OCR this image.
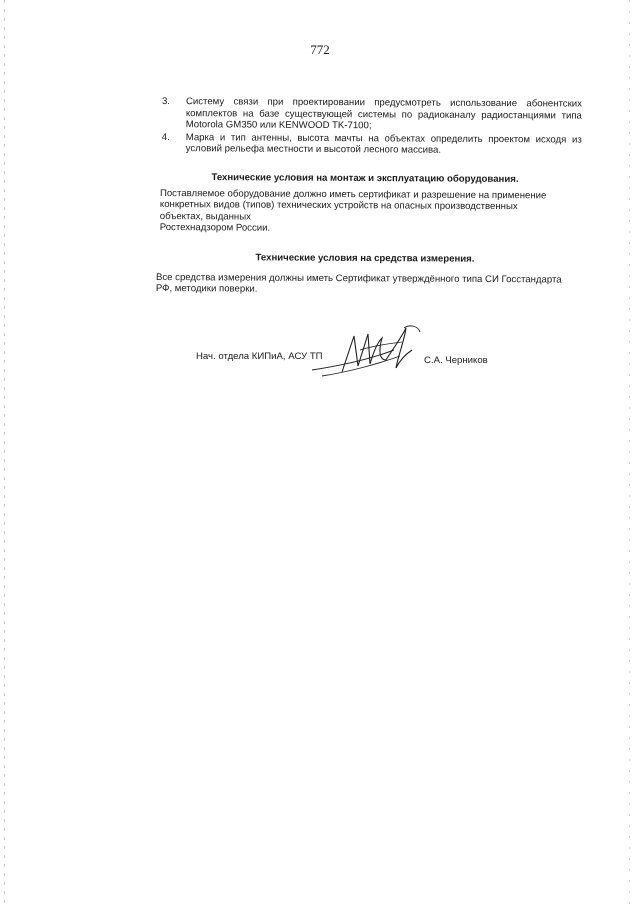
772
3.	Систему связи при проектировании предусмотреть использование абонентских комплектов на базе существующей системы по радиоканалу радиостанциями типа Motorola GM350 или KENWOOD TK-7100;
4.	Марка и тип антенны, высота мачты на объектах определить проектом исходя из условий рельефа местности и высотой лесного массива.
Технические условия на монтаж и эксплуатацию оборудования.
Поставляемое оборудование должно иметь сертификат и разрешение на применение
конкретных видов (типов) технических устройств на опасных производственных
объектах, выданных
Ростехнадзором России.
Технические условия на средства измерения.
Все средства измерения должны иметь Сертификат утверждённого типа СИ Госстандарта
РФ, методики поверки.
Нач. отдела КИПиА, АСУ ТП	С.А. Черников
